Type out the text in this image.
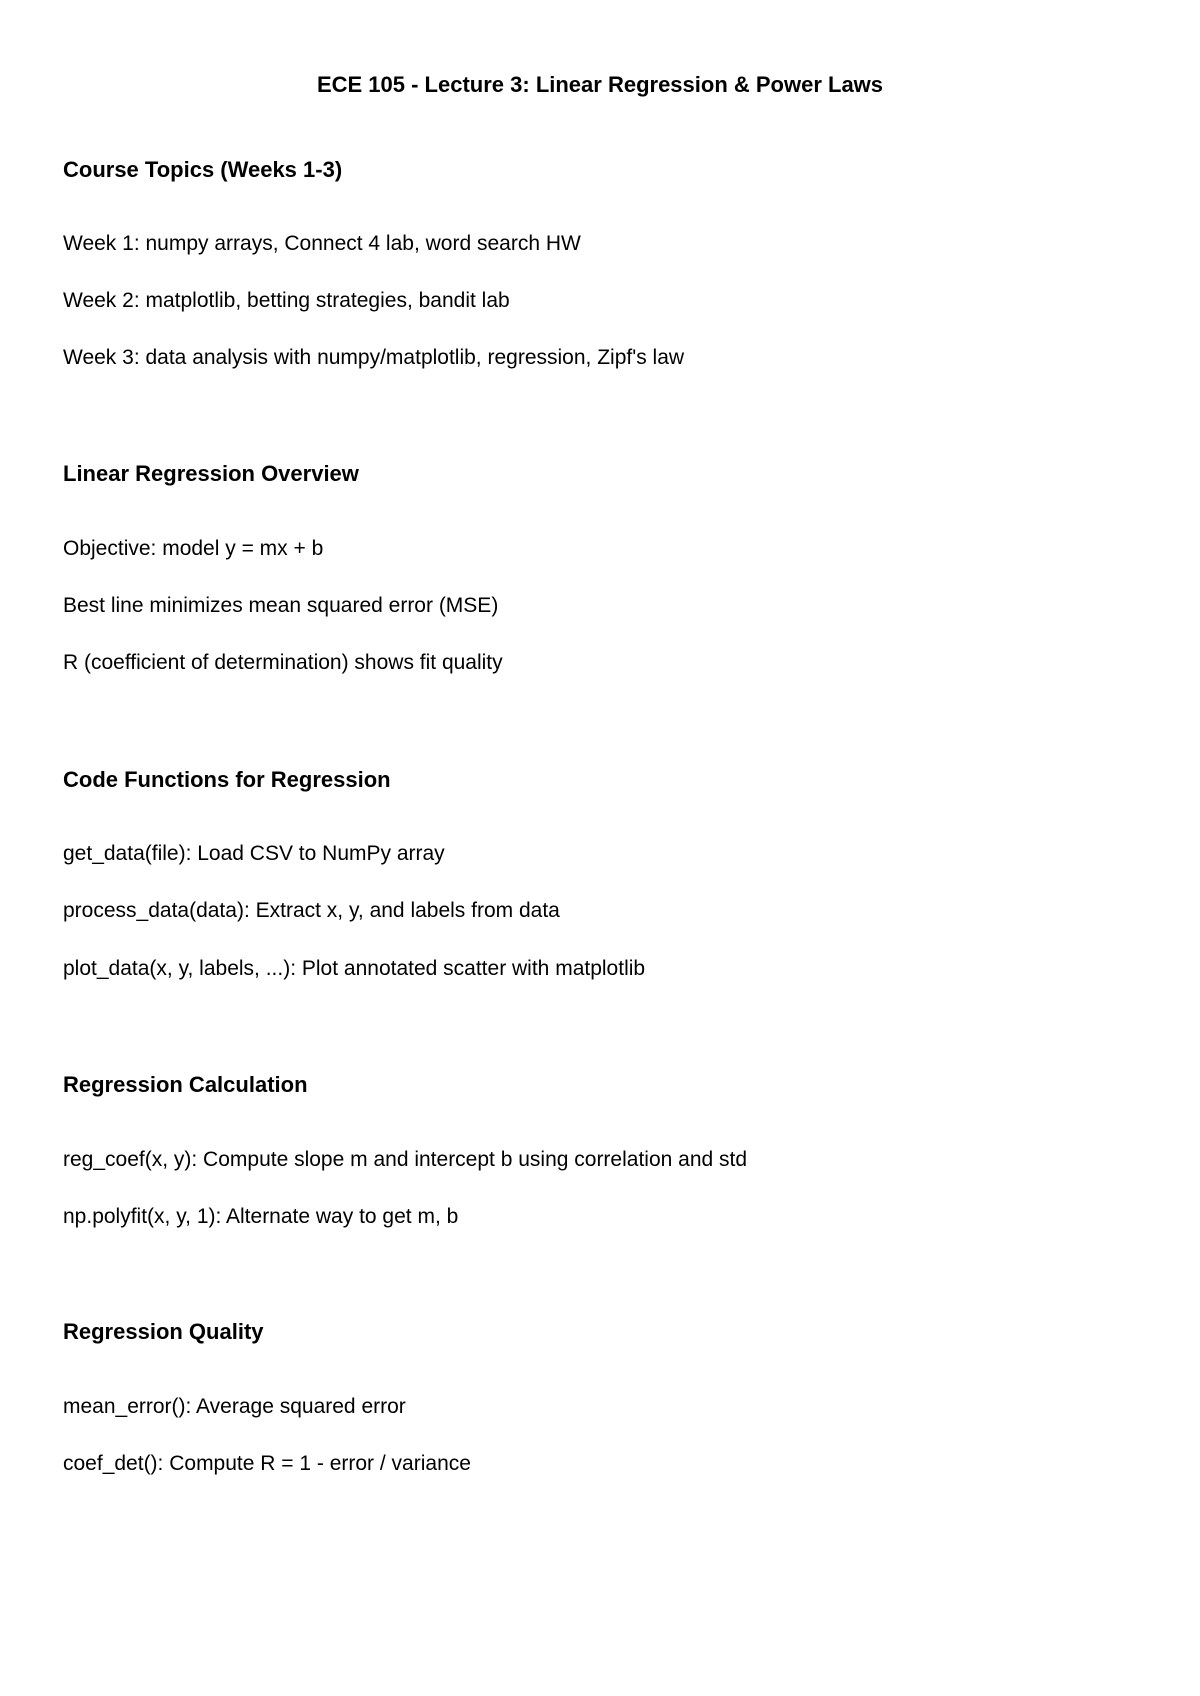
ECE 105 - Lecture 3: Linear Regression & Power Laws
Course Topics (Weeks 1-3)
Week 1: numpy arrays, Connect 4 lab, word search HW
Week 2: matplotlib, betting strategies, bandit lab
Week 3: data analysis with numpy/matplotlib, regression, Zipf's law
Linear Regression Overview
Objective: model y = mx + b
Best line minimizes mean squared error (MSE)
R (coefficient of determination) shows fit quality
Code Functions for Regression
get_data(file): Load CSV to NumPy array
process_data(data): Extract x, y, and labels from data
plot_data(x, y, labels, ...): Plot annotated scatter with matplotlib
Regression Calculation
reg_coef(x, y): Compute slope m and intercept b using correlation and std
np.polyfit(x, y, 1): Alternate way to get m, b
Regression Quality
mean_error(): Average squared error
coef_det(): Compute R = 1 - error / variance
